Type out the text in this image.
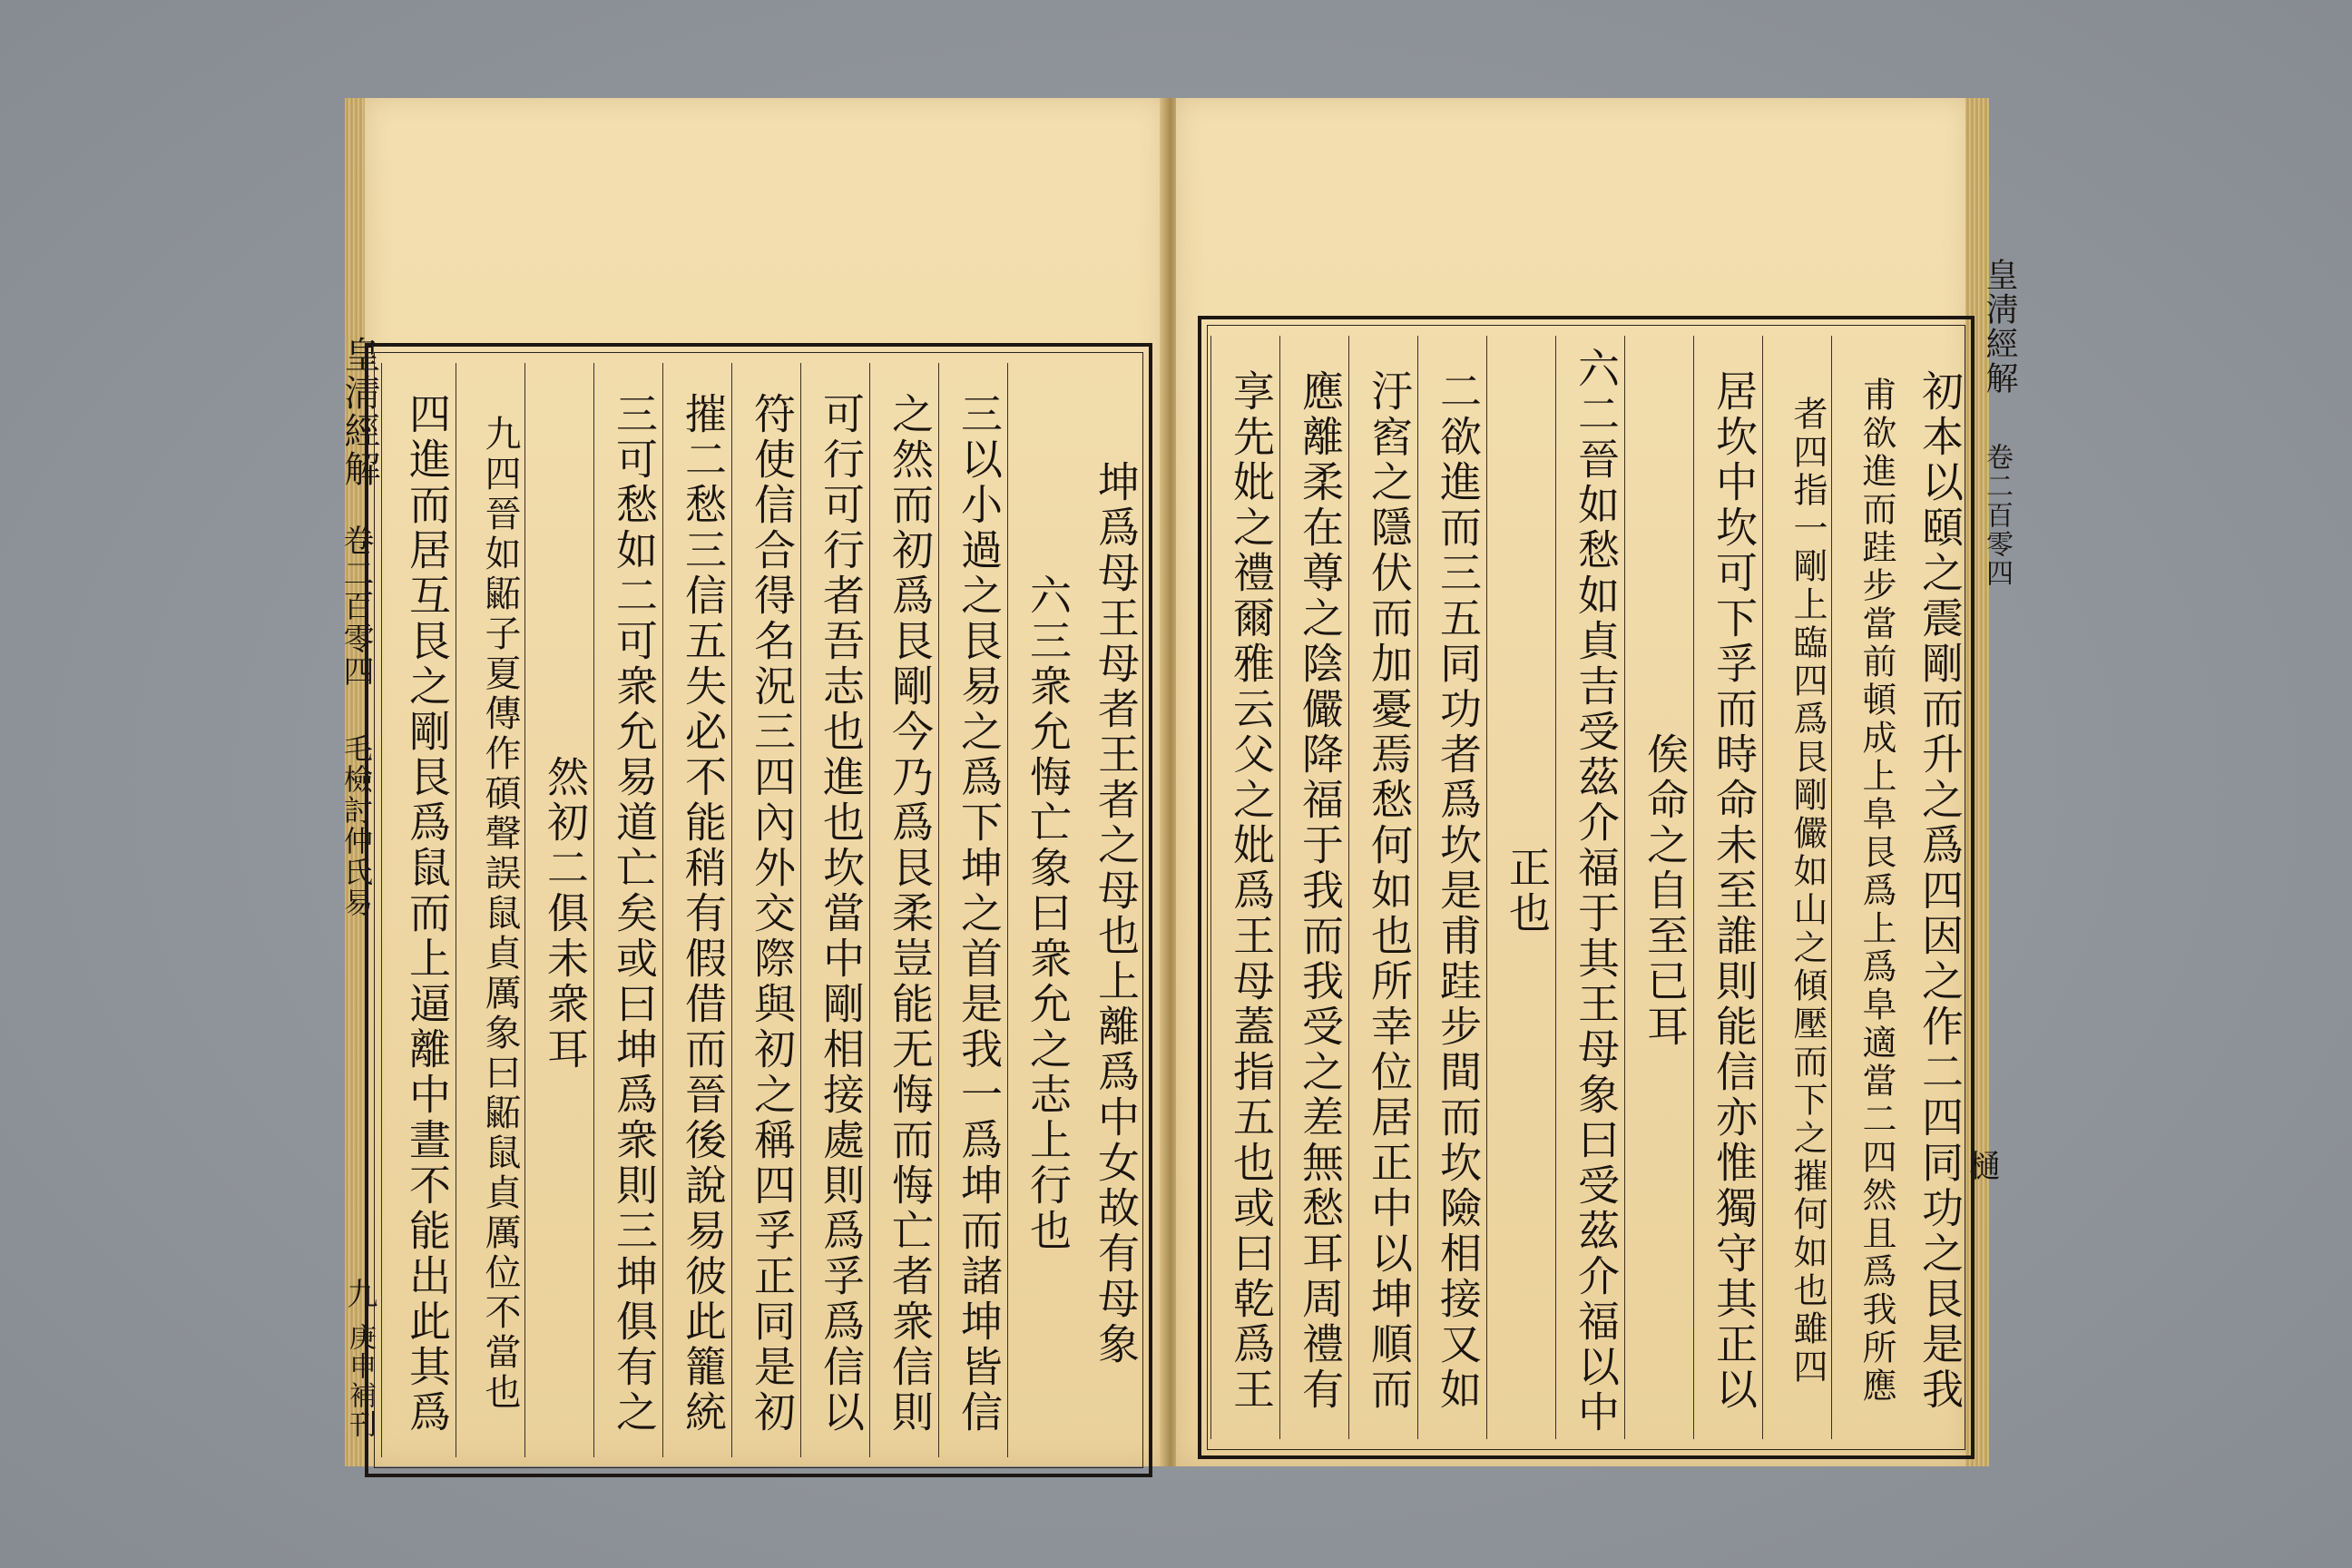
皇淸經解
卷二百零四
毛檢討仲氏易
九
庚申補刊
坤爲母王母者王者之母也上離爲中女故有母象
六三衆允悔亡象曰衆允之志上行也
三以小過之艮易之爲下坤之首是我一爲坤而諸坤皆信
之然而初爲艮剛今乃爲艮柔豈能无悔而悔亡者衆信則
可行可行者吾志也進也坎當中剛相接處則爲孚爲信以
符使信合得名況三四內外交際與初之稱四孚正同是初
摧二愁三信五失必不能稍有假借而晉後說易彼此籠統
三可愁如二可衆允易道亡矣或曰坤爲衆則三坤俱有之
然初二俱未衆耳
九四晉如鼫子夏傳作碩聲誤鼠貞厲象曰鼫鼠貞厲位不當也
四進而居互艮之剛艮爲鼠而上逼離中晝不能出此其爲	初本以頤之震剛而升之爲四因之作二四同功之艮是我
甫欲進而跬步當前頓成上阜艮爲上爲阜適當二四然且爲我所應
者四指一剛上臨四爲艮剛儼如山之傾壓而下之摧何如也雖四
居坎中坎可下孚而時命未至誰則能信亦惟獨守其正以
俟命之自至已耳
六二晉如愁如貞吉受茲介福于其王母象曰受茲介福以中
正也
二欲進而三五同功者爲坎是甫跬步間而坎險相接又如
汙窞之隱伏而加憂焉愁何如也所幸位居正中以坤順而
應離柔在尊之陰儼降福于我而我受之差無愁耳周禮有
享先妣之禮爾雅云父之妣爲王母蓋指五也或曰乾爲王
皇淸經解
卷二百零四
樋
